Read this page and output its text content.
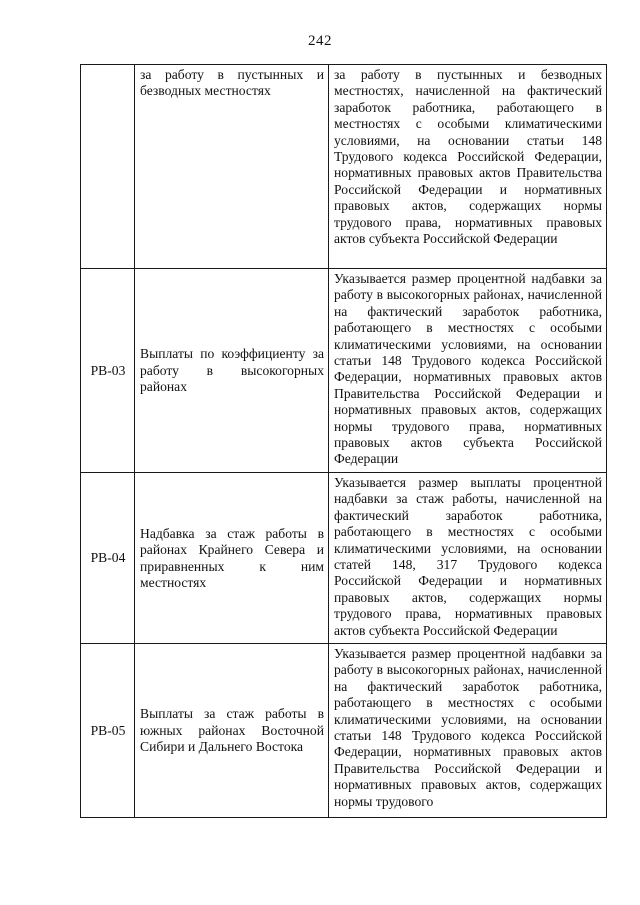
242
	за работу в пустынных и безводных местностях	за работу в пустынных и безводных местностях, начисленной на фактический заработок работника, работающего в местностях с особыми климатическими условиями, на основании статьи 148 Трудового кодекса Российской Федерации, нормативных правовых актов Правительства Российской Федерации и нормативных правовых актов, содержащих нормы трудового права, нормативных правовых актов субъекта Российской Федерации
РВ-03	Выплаты по коэффициенту за работу в высокогорных районах	Указывается размер процентной надбавки за работу в высокогорных районах, начисленной на фактический заработок работника, работающего в местностях с особыми климатическими условиями, на основании статьи 148 Трудового кодекса Российской Федерации, нормативных правовых актов Правительства Российской Федерации и нормативных правовых актов, содержащих нормы трудового права, нормативных правовых актов субъекта Российской Федерации
РВ-04	Надбавка за стаж работы в районах Крайнего Севера и приравненных к ним местностях	Указывается размер выплаты процентной надбавки за стаж работы, начисленной на фактический заработок работника, работающего в местностях с особыми климатическими условиями, на основании статей 148, 317 Трудового кодекса Российской Федерации и нормативных правовых актов, содержащих нормы трудового права, нормативных правовых актов субъекта Российской Федерации
РВ-05	Выплаты за стаж работы в южных районах Восточной Сибири и Дальнего Востока	Указывается размер процентной надбавки за работу в высокогорных районах, начисленной на фактический заработок работника, работающего в местностях с особыми климатическими условиями, на основании статьи 148 Трудового кодекса Российской Федерации, нормативных правовых актов Правительства Российской Федерации и нормативных правовых актов, содержащих нормы трудового
